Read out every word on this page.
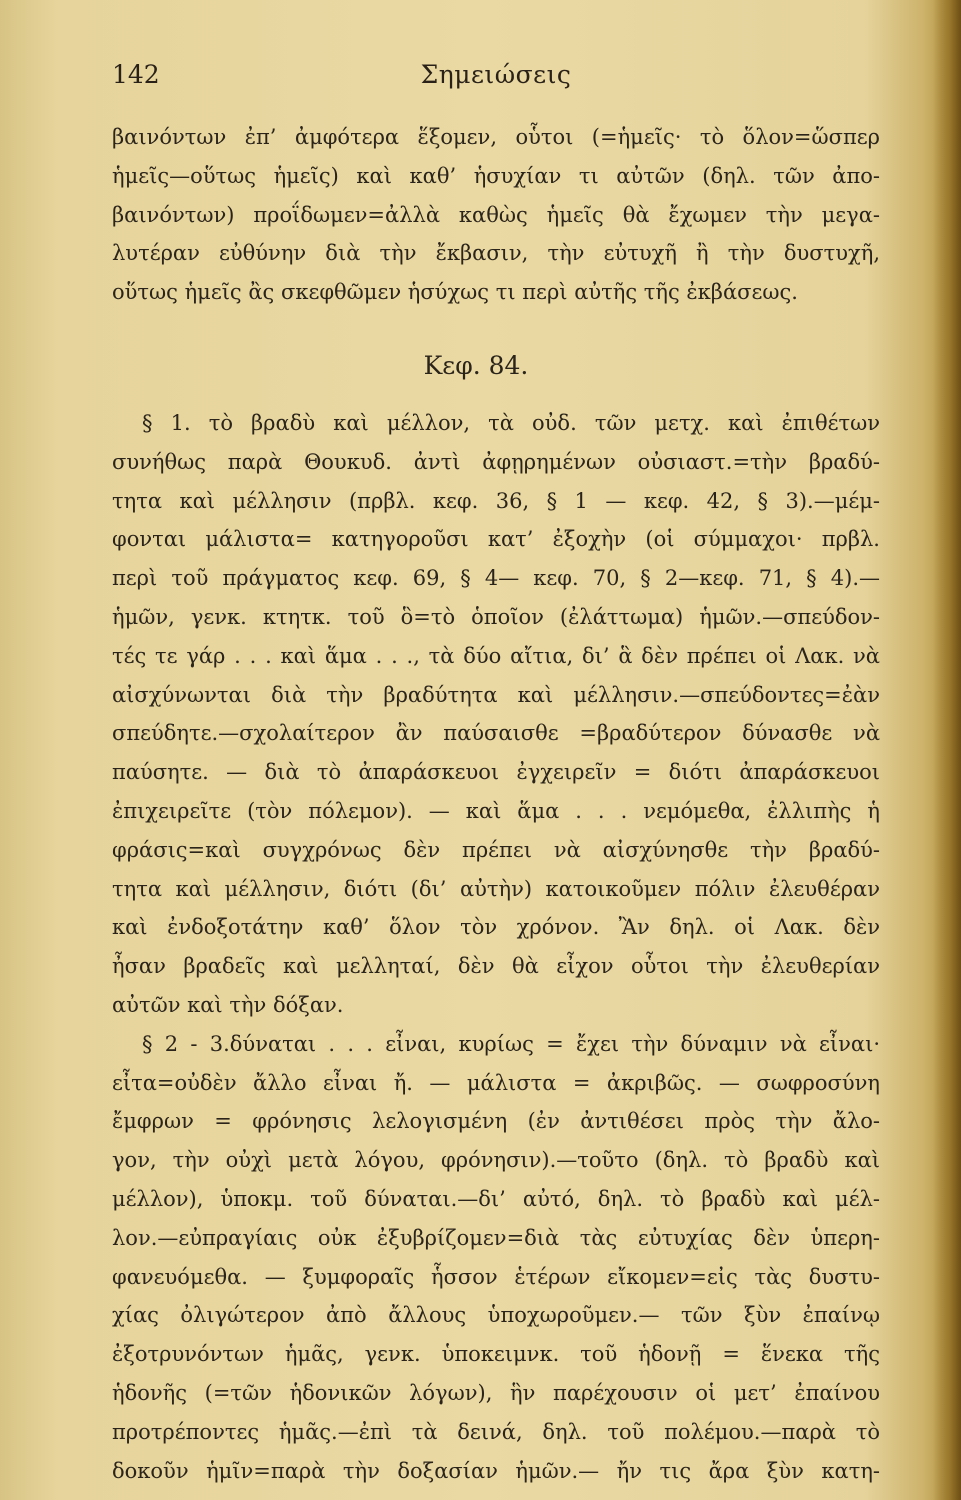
142	Σημειώσεις
βαινόντων ἐπ’ ἀμφότερα ἕξομεν, οὗτοι (=ἡμεῖς· τὸ ὅλον=ὥσπερ
ἡμεῖς—οὕτως ἡμεῖς) καὶ καθ’ ἡσυχίαν τι αὐτῶν (δηλ. τῶν ἀπο-
βαινόντων) προΐδωμεν=ἀλλὰ καθὼς ἡμεῖς θὰ ἔχωμεν τὴν μεγα-
λυτέραν εὐθύνην διὰ τὴν ἔκβασιν, τὴν εὐτυχῆ ἢ τὴν δυστυχῆ,
οὕτως ἡμεῖς ἂς σκεφθῶμεν ἡσύχως τι περὶ αὐτῆς τῆς ἐκβάσεως.
Κεφ. 84.
§ 1. τὸ βραδὺ καὶ μέλλον, τὰ οὐδ. τῶν μετχ. καὶ ἐπιθέτων
συνήθως παρὰ Θουκυδ. ἀντὶ ἀφῃρημένων οὐσιαστ.=τὴν βραδύ-
τητα καὶ μέλλησιν (πρβλ. κεφ. 36, § 1 — κεφ. 42, § 3).—μέμ-
φονται μάλιστα= κατηγοροῦσι κατ’ ἐξοχὴν (οἱ σύμμαχοι· πρβλ.
περὶ τοῦ πράγματος κεφ. 69, § 4— κεφ. 70, § 2—κεφ. 71, § 4).—
ἡμῶν, γενκ. κτητκ. τοῦ ὃ=τὸ ὁποῖον (ἐλάττωμα) ἡμῶν.—σπεύδον-
τές τε γάρ . . . καὶ ἅμα . . ., τὰ δύο αἴτια, δι’ ἃ δὲν πρέπει οἱ Λακ. νὰ
αἰσχύνωνται διὰ τὴν βραδύτητα καὶ μέλλησιν.—σπεύδοντες=ἐὰν
σπεύδητε.—σχολαίτερον ἂν παύσαισθε =βραδύτερον δύνασθε νὰ
παύσητε. — διὰ τὸ ἀπαράσκευοι ἐγχειρεῖν = διότι ἀπαράσκευοι
ἐπιχειρεῖτε (τὸν πόλεμον). — καὶ ἅμα . . . νεμόμεθα, ἐλλιπὴς ἡ
φράσις=καὶ συγχρόνως δὲν πρέπει νὰ αἰσχύνησθε τὴν βραδύ-
τητα καὶ μέλλησιν, διότι (δι’ αὐτὴν) κατοικοῦμεν πόλιν ἐλευθέραν
καὶ ἐνδοξοτάτην καθ’ ὅλον τὸν χρόνον. Ἂν δηλ. οἱ Λακ. δὲν
ἦσαν βραδεῖς καὶ μελληταί, δὲν θὰ εἶχον οὗτοι τὴν ἐλευθερίαν
αὐτῶν καὶ τὴν δόξαν.
§ 2 - 3.δύναται . . . εἶναι, κυρίως = ἔχει τὴν δύναμιν νὰ εἶναι·
εἶτα=οὐδὲν ἄλλο εἶναι ἤ. — μάλιστα = ἀκριβῶς. — σωφροσύνη
ἔμφρων = φρόνησις λελογισμένη (ἐν ἀντιθέσει πρὸς τὴν ἄλο-
γον, τὴν οὐχὶ μετὰ λόγου, φρόνησιν).—τοῦτο (δηλ. τὸ βραδὺ καὶ
μέλλον), ὑποκμ. τοῦ δύναται.—δι’ αὐτό, δηλ. τὸ βραδὺ καὶ μέλ-
λον.—εὐπραγίαις οὐκ ἐξυβρίζομεν=διὰ τὰς εὐτυχίας δὲν ὑπερη-
φανευόμεθα. — ξυμφοραῖς ἧσσον ἑτέρων εἴκομεν=εἰς τὰς δυστυ-
χίας ὀλιγώτερον ἀπὸ ἄλλους ὑποχωροῦμεν.— τῶν ξὺν ἐπαίνῳ
ἐξοτρυνόντων ἡμᾶς, γενκ. ὑποκειμνκ. τοῦ ἡδονῇ = ἕνεκα τῆς
ἡδονῆς (=τῶν ἡδονικῶν λόγων), ἣν παρέχουσιν οἱ μετ’ ἐπαίνου
προτρέποντες ἡμᾶς.—ἐπὶ τὰ δεινά, δηλ. τοῦ πολέμου.—παρὰ τὸ
δοκοῦν ἡμῖν=παρὰ τὴν δοξασίαν ἡμῶν.— ἤν τις ἄρα ξὺν κατη-
